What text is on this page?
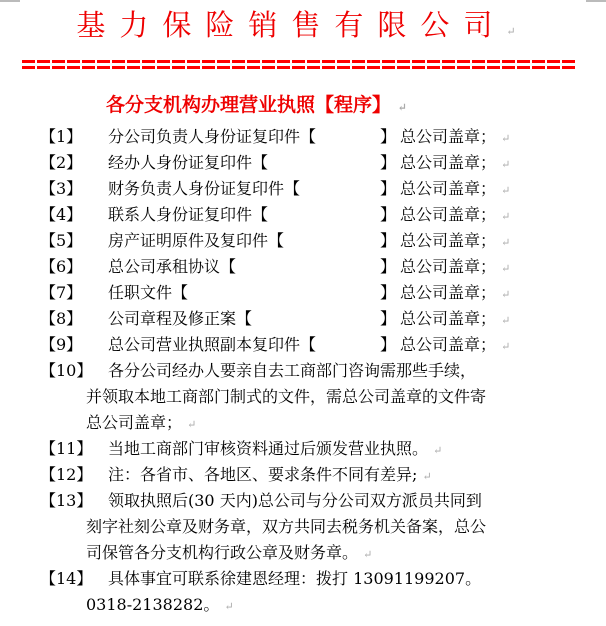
基力保险销售有限公司↵
各分支机构办理营业执照【程序】 ↵
【1】 分公司负责人身份证复印件【	】 总公司盖章； ↵
【2】 经办人身份证复印件【	】 总公司盖章； ↵
【3】 财务负责人身份证复印件【	】 总公司盖章； ↵
【4】 联系人身份证复印件【	】 总公司盖章； ↵
【5】 房产证明原件及复印件【	】 总公司盖章； ↵
【6】 总公司承租协议【	】 总公司盖章； ↵
【7】 任职文件【	】 总公司盖章； ↵
【8】 公司章程及修正案【	】 总公司盖章； ↵
【9】 总公司营业执照副本复印件【	】 总公司盖章； ↵
【10】 各分公司经办人要亲自去工商部门咨询需那些手续，
并领取本地工商部门制式的文件，需总公司盖章的文件寄
总公司盖章； ↵
【11】 当地工商部门审核资料通过后颁发营业执照。 ↵
【12】 注：各省市、各地区、要求条件不同有差异; ↵
【13】 领取执照后(30 天内)总公司与分公司双方派员共同到
刻字社刻公章及财务章，双方共同去税务机关备案，总公
司保管各分支机构行政公章及财务章。 ↵
【14】 具体事宜可联系徐建恩经理：拨打 13091199207。
0318-2138282。 ↵
